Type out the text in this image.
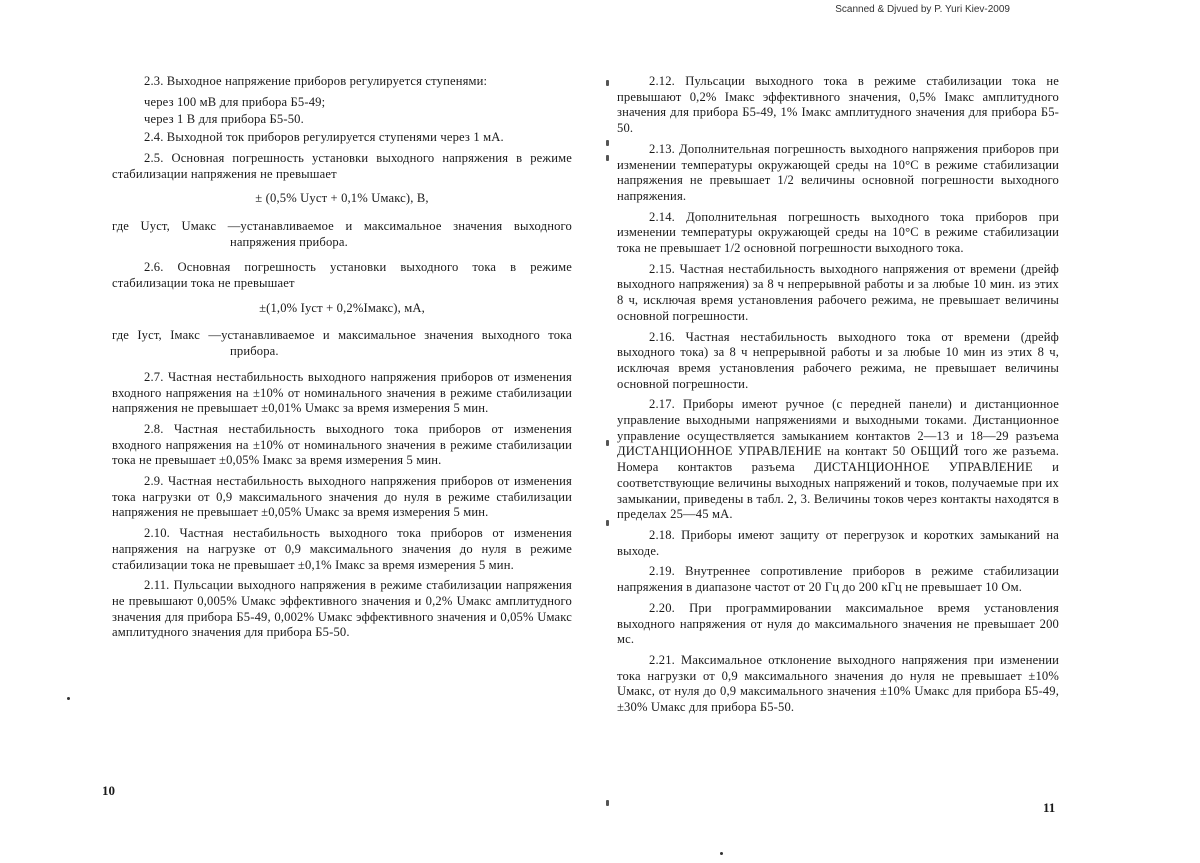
Scanned & Djvued by P. Yuri Kiev-2009

2.3. Выходное напряжение приборов регулируется ступенями:

через 100 мВ для прибора Б5-49;

через 1 В для прибора Б5-50.

2.4. Выходной ток приборов регулируется ступенями через 1 мА.

2.5. Основная погрешность установки выходного напряжения в режиме стабилизации напряжения не превышает

± (0,5% Uуст + 0,1% Uмакс), В,

где Uуст, Uмакс —устанавливаемое и максимальное значения выходного напряжения прибора.

2.6. Основная погрешность установки выходного тока в режиме стабилизации тока не превышает

±(1,0% Iуст + 0,2%Iмакс), мА,

где Iуст, Iмакс —устанавливаемое и максимальное значения выходного тока прибора.

2.7. Частная нестабильность выходного напряжения приборов от изменения входного напряжения на ±10% от номинального значения в режиме стабилизации напряжения не превышает ±0,01% Uмакс за время измерения 5 мин.

2.8. Частная нестабильность выходного тока приборов от изменения входного напряжения на ±10% от номинального значения в режиме стабилизации тока не превышает ±0,05% Iмакс за время измерения 5 мин.

2.9. Частная нестабильность выходного напряжения приборов от изменения тока нагрузки от 0,9 максимального значения до нуля в режиме стабилизации напряжения не превышает ±0,05% Uмакс за время измерения 5 мин.

2.10. Частная нестабильность выходного тока приборов от изменения напряжения на нагрузке от 0,9 максимального значения до нуля в режиме стабилизации тока не превышает ±0,1% Iмакс за время измерения 5 мин.

2.11. Пульсации выходного напряжения в режиме стабилизации напряжения не превышают 0,005% Uмакс эффективного значения и 0,2% Uмакс амплитудного значения для прибора Б5-49, 0,002% Uмакс эффективного значения и 0,05% Uмакс амплитудного значения для прибора Б5-50.

10

2.12. Пульсации выходного тока в режиме стабилизации тока не превышают 0,2% Iмакс эффективного значения, 0,5% Iмакс амплитудного значения для прибора Б5-49, 1% Iмакс амплитудного значения для прибора Б5-50.

2.13. Дополнительная погрешность выходного напряжения приборов при изменении температуры окружающей среды на 10°С в режиме стабилизации напряжения не превышает 1/2 величины основной погрешности выходного напряжения.

2.14. Дополнительная погрешность выходного тока приборов при изменении температуры окружающей среды на 10°С в режиме стабилизации тока не превышает 1/2 основной погрешности выходного тока.

2.15. Частная нестабильность выходного напряжения от времени (дрейф выходного напряжения) за 8 ч непрерывной работы и за любые 10 мин. из этих 8 ч, исключая время установления рабочего режима, не превышает величины основной погрешности.

2.16. Частная нестабильность выходного тока от времени (дрейф выходного тока) за 8 ч непрерывной работы и за любые 10 мин из этих 8 ч, исключая время установления рабочего режима, не превышает величины основной погрешности.

2.17. Приборы имеют ручное (с передней панели) и дистанционное управление выходными напряжениями и выходными токами. Дистанционное управление осуществляется замыканием контактов 2—13 и 18—29 разъема ДИСТАНЦИОННОЕ УПРАВЛЕНИЕ на контакт 50 ОБЩИЙ того же разъема. Номера контактов разъема ДИСТАНЦИОННОЕ УПРАВЛЕНИЕ и соответствующие величины выходных напряжений и токов, получаемые при их замыкании, приведены в табл. 2, 3. Величины токов через контакты находятся в пределах 25—45 мА.

2.18. Приборы имеют защиту от перегрузок и коротких замыканий на выходе.

2.19. Внутреннее сопротивление приборов в режиме стабилизации напряжения в диапазоне частот от 20 Гц до 200 кГц не превышает 10 Ом.

2.20. При программировании максимальное время установления выходного напряжения от нуля до максимального значения не превышает 200 мс.

2.21. Максимальное отклонение выходного напряжения при изменении тока нагрузки от 0,9 максимального значения до нуля не превышает ±10% Uмакс, от нуля до 0,9 максимального значения ±10% Uмакс для прибора Б5-49, ±30% Uмакс для прибора Б5-50.

11
